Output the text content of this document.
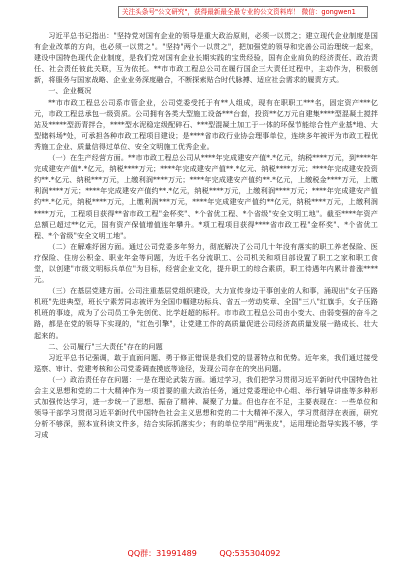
关注头条号"公文研究"，获得最新最全最专业的公文资料库！ 微信：gongwen1

习近平总书记指出："坚持党对国有企业的领导是重大政治原则，必须一以贯之；建立现代企业制度是国有企业改革的方向，也必须一以贯之"。"坚持"两个一以贯之"，把加强党的领导和完善公司治理统一起来，建设中国特色现代企业制度，是我们党对国有企业长期实践的宝贵经验，国有企业肩负的经济责任、政治责任、社会责任彼此关联，互为依托。**市市政工程总公司在履行国企三大责任过程中，主动作为，积极创新，将服务与国家战略、企业业务深度融合，不断探索贴合时代脉搏、适应社会需求的履责方式。

一、企业概况

**市市政工程总公司系市管企业，公司党委受托于有**人组成，现有在职职工***名，固定资产***亿元，市政工程总承包一级资质。公司拥有各类大型施工设备***台套，投资**亿万元自建集****型混凝土搅拌站及*****型沥青拌合，****型水泥稳定级配碎石、***型混凝土加工于一体的环保节能综合性产业基*地、大型储料场*处，可承担各种市政工程项目建设；是****省市政行业协会理事单位，连续多年被评为市政工程优秀施工企业、质量信得过单位、安全文明施工优秀企业。

（一）在生产经营方面。**市市政工程总公司从****年完成建安产值*.*亿元，纳税****万元，到****年完成建安产值*.*亿元，纳税****万元；****年完成建安产值**.*亿元、纳税****万元；****年完成建安投资约**.*亿元、纳税***万元，上缴利润****万元；****年完成建安产值约**.*亿元，上缴税金****万元，上缴利润****万元；****年完成建安产值约**.*亿元，纳税****万元，上缴利润****万元；****年完成建安产值约**.*亿元，纳税****万元，上缴利润***万元，****年完成建安产值约**亿元，纳税****万元，上缴利润****万元，工程项目获得**省市政工程"金杯奖"、*个省优工程、*个省级"安全文明工地"。截至****年资产总额已超过**亿元，国有资产保值增值连年攀升。*项工程项目获得****省市政工程"金杯奖"、*个省优工程、*个省级"安全文明工地"。

（二）在解难纾困方面。通过公司党委多年努力，彻底解决了公司几十年没有落实的职工养老保险、医疗保险、住房公积金、职业年金等问题，为近千名分流职工、公司机关和项目部设置了职工之家和职工食堂，以创建"市级文明标兵单位"为目标，经营企业文化，提升职工的综合素质，职工待遇年内累计普涨****元。

（三）在基层党建方面。公司注重基层党组织建设，大力宣传身边干事创业的人和事，涌现出"女子压路机班"先进典型，班长宁素芳同志被评为全国巾帼建功标兵、省五一劳动奖章、全国"三八"红旗手，女子压路机班的事迹，成为了公司员工争先创优、比学赶超的标杆。市市政工程总公司由小变大、由弱变强的奋斗之路，都是在党的领导下实现的，"红色引擎"，让党建工作的高质量促进公司经济高质量发展一路成长、壮大起来的。

二、公司履行"三大责任"存在的问题

习近平总书记强调，敢于直面问题、勇于修正错误是我们党的显著特点和优势。近年来，我们通过接受巡察、审计、党建考核和公司党委调查摸底等途径，发现公司存在的突出问题。

（一）政治责任存在问题：一是在理论武装方面。通过学习，我们把学习贯彻习近平新时代中国特色社会主义思想和党的二十大精神作为一项首要的重大政治任务，通过党委理论中心组、举行辅导讲座等多种形式加强传达学习，进一步统一了思想、振奋了精神、凝聚了力量。但也存在不足，主要表现在：一些单位和领导干部学习贯彻习近平新时代中国特色社会主义思想和党的二十大精神不深入，学习贯彻浮在表面，研究分析不够深，照本宣科读文件多，结合实际抓落实少；有的单位学用"两张皮"，运用理论指导实践不够，学习成

QQ群：31991489	QQ:535304092
